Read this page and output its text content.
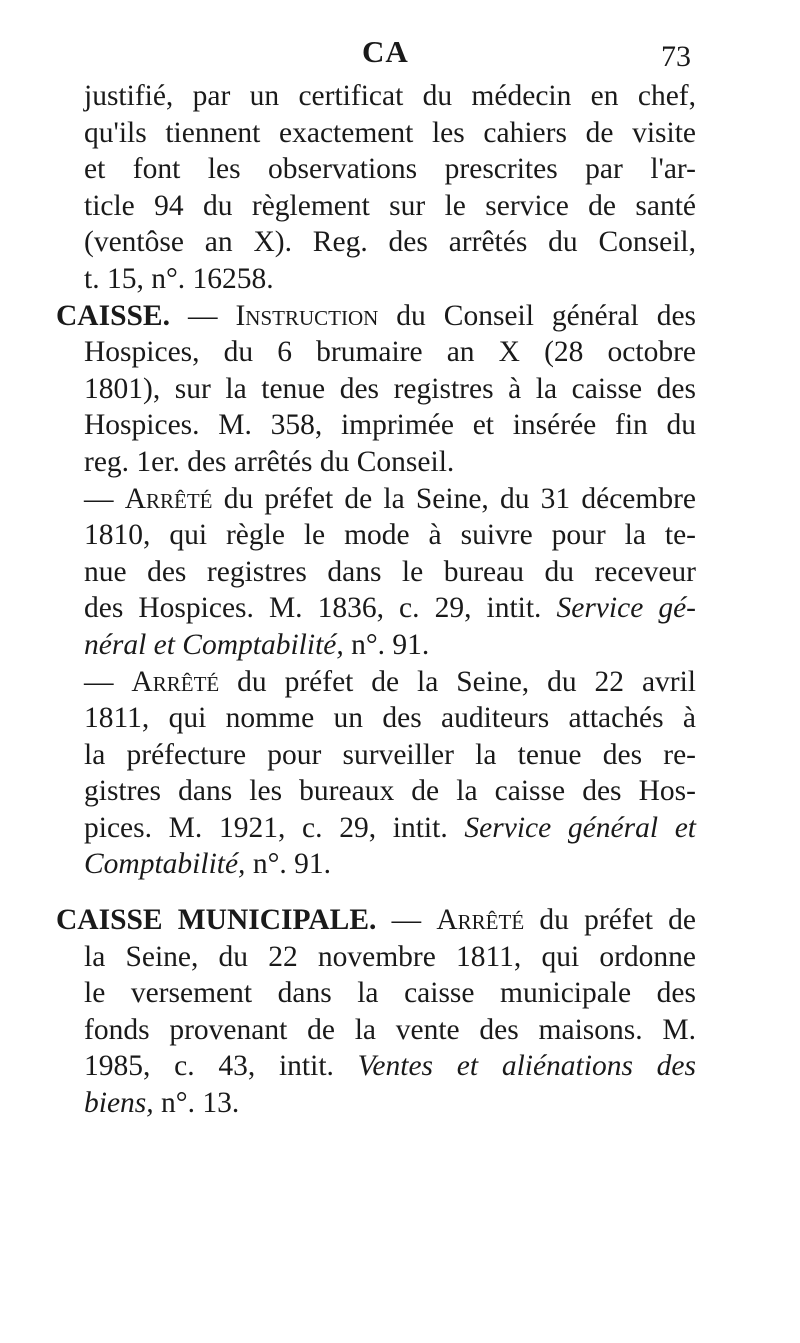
CA	73
justifié, par un certificat du médecin en chef,
qu'ils tiennent exactement les cahiers de visite
et font les observations prescrites par l'ar-
ticle 94 du règlement sur le service de santé
(ventôse an X). Reg. des arrêtés du Conseil,
t. 15, n°. 16258.
CAISSE. — Instruction du Conseil général des
Hospices, du 6 brumaire an X (28 octobre
1801), sur la tenue des registres à la caisse des
Hospices. M. 358, imprimée et insérée fin du
reg. 1er. des arrêtés du Conseil.
— Arrêté du préfet de la Seine, du 31 décembre
1810, qui règle le mode à suivre pour la te-
nue des registres dans le bureau du receveur
des Hospices. M. 1836, c. 29, intit. Service gé-
néral et Comptabilité, n°. 91.
— Arrêté du préfet de la Seine, du 22 avril
1811, qui nomme un des auditeurs attachés à
la préfecture pour surveiller la tenue des re-
gistres dans les bureaux de la caisse des Hos-
pices. M. 1921, c. 29, intit. Service général et
Comptabilité, n°. 91.
CAISSE MUNICIPALE. — Arrêté du préfet de
la Seine, du 22 novembre 1811, qui ordonne
le versement dans la caisse municipale des
fonds provenant de la vente des maisons. M.
1985, c. 43, intit. Ventes et aliénations des
biens, n°. 13.
